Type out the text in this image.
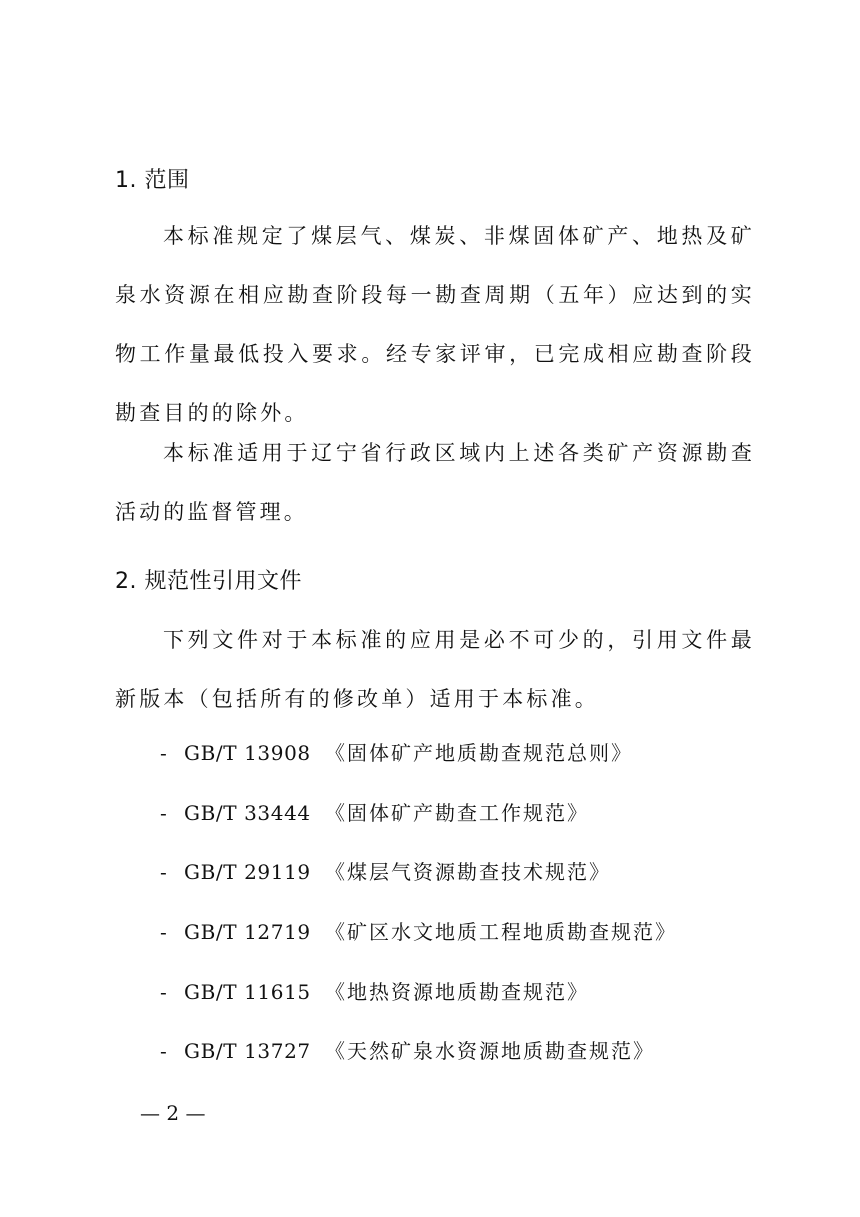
1. 范围

本标准规定了煤层气、煤炭、非煤固体矿产、地热及矿泉水资源在相应勘查阶段每一勘查周期（五年）应达到的实物工作量最低投入要求。经专家评审，已完成相应勘查阶段勘查目的的除外。

本标准适用于辽宁省行政区域内上述各类矿产资源勘查活动的监督管理。

2. 规范性引用文件

下列文件对于本标准的应用是必不可少的，引用文件最新版本（包括所有的修改单）适用于本标准。

- GB/T 13908 《固体矿产地质勘查规范总则》
- GB/T 33444 《固体矿产勘查工作规范》
- GB/T 29119 《煤层气资源勘查技术规范》
- GB/T 12719 《矿区水文地质工程地质勘查规范》
- GB/T 11615 《地热资源地质勘查规范》
- GB/T 13727 《天然矿泉水资源地质勘查规范》
— 2 —
